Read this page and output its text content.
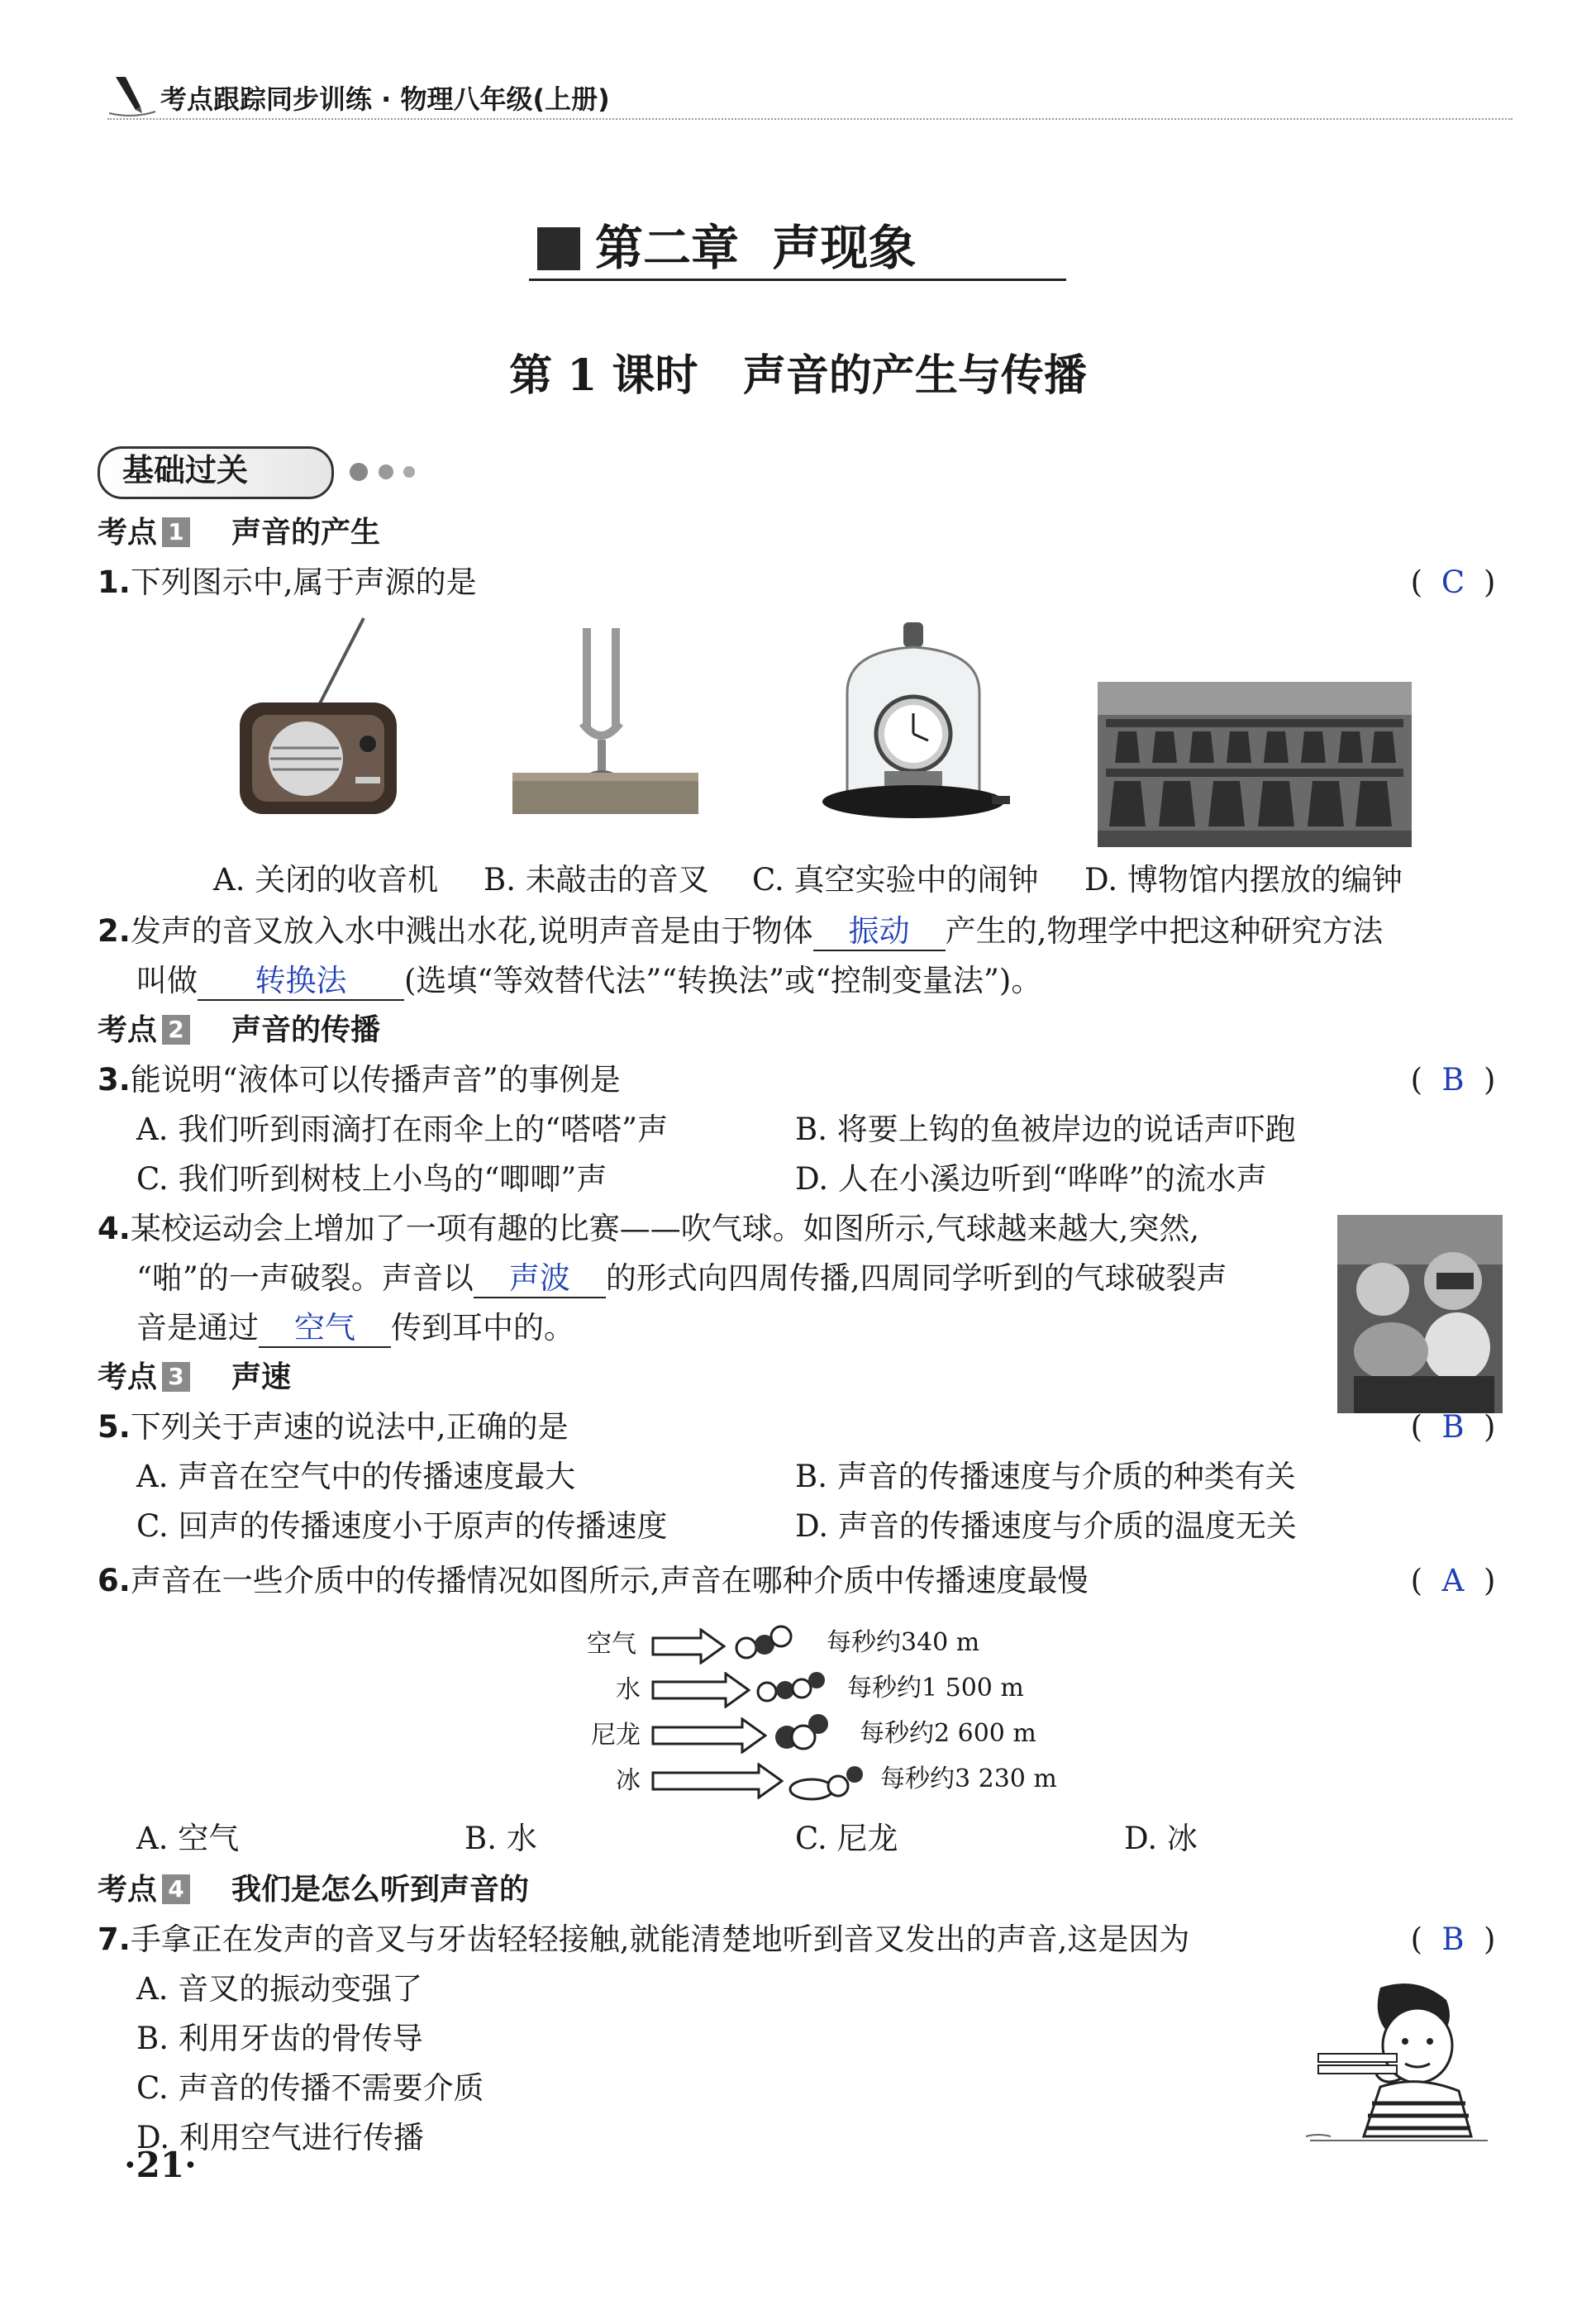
考点跟踪同步训练 · 物理八年级(上册)
第二章  声现象
第 1 课时   声音的产生与传播
基础过关
考点 1 声音的产生
1.下列图示中,属于声源的是	( C )
A. 关闭的收音机 B. 未敲击的音叉 C. 真空实验中的闹钟 D. 博物馆内摆放的编钟
2.发声的音叉放入水中溅出水花,说明声音是由于物体 振动 产生的,物理学中把这种研究方法
叫做 转换法 (选填“等效替代法”“转换法”或“控制变量法”)。
考点 2 声音的传播
3.能说明“液体可以传播声音”的事例是	( B )
A. 我们听到雨滴打在雨伞上的“嗒嗒”声	B. 将要上钩的鱼被岸边的说话声吓跑
C. 我们听到树枝上小鸟的“唧唧”声	D. 人在小溪边听到“哗哗”的流水声
4.某校运动会上增加了一项有趣的比赛——吹气球。如图所示,气球越来越大,突然,
“啪”的一声破裂。声音以 声波 的形式向四周传播,四周同学听到的气球破裂声
音是通过 空气 传到耳中的。
考点 3 声速
5.下列关于声速的说法中,正确的是	( B )
A. 声音在空气中的传播速度最大	B. 声音的传播速度与介质的种类有关
C. 回声的传播速度小于原声的传播速度	D. 声音的传播速度与介质的温度无关
6.声音在一些介质中的传播情况如图所示,声音在哪种介质中传播速度最慢	( A )
空气	每秒约340 m
水	每秒约1 500 m
尼龙	每秒约2 600 m
冰	每秒约3 230 m
A. 空气	B. 水	C. 尼龙	D. 冰
考点 4 我们是怎么听到声音的
7.手拿正在发声的音叉与牙齿轻轻接触,就能清楚地听到音叉发出的声音,这是因为	( B )
A. 音叉的振动变强了
B. 利用牙齿的骨传导
C. 声音的传播不需要介质
D. 利用空气进行传播
·21·
